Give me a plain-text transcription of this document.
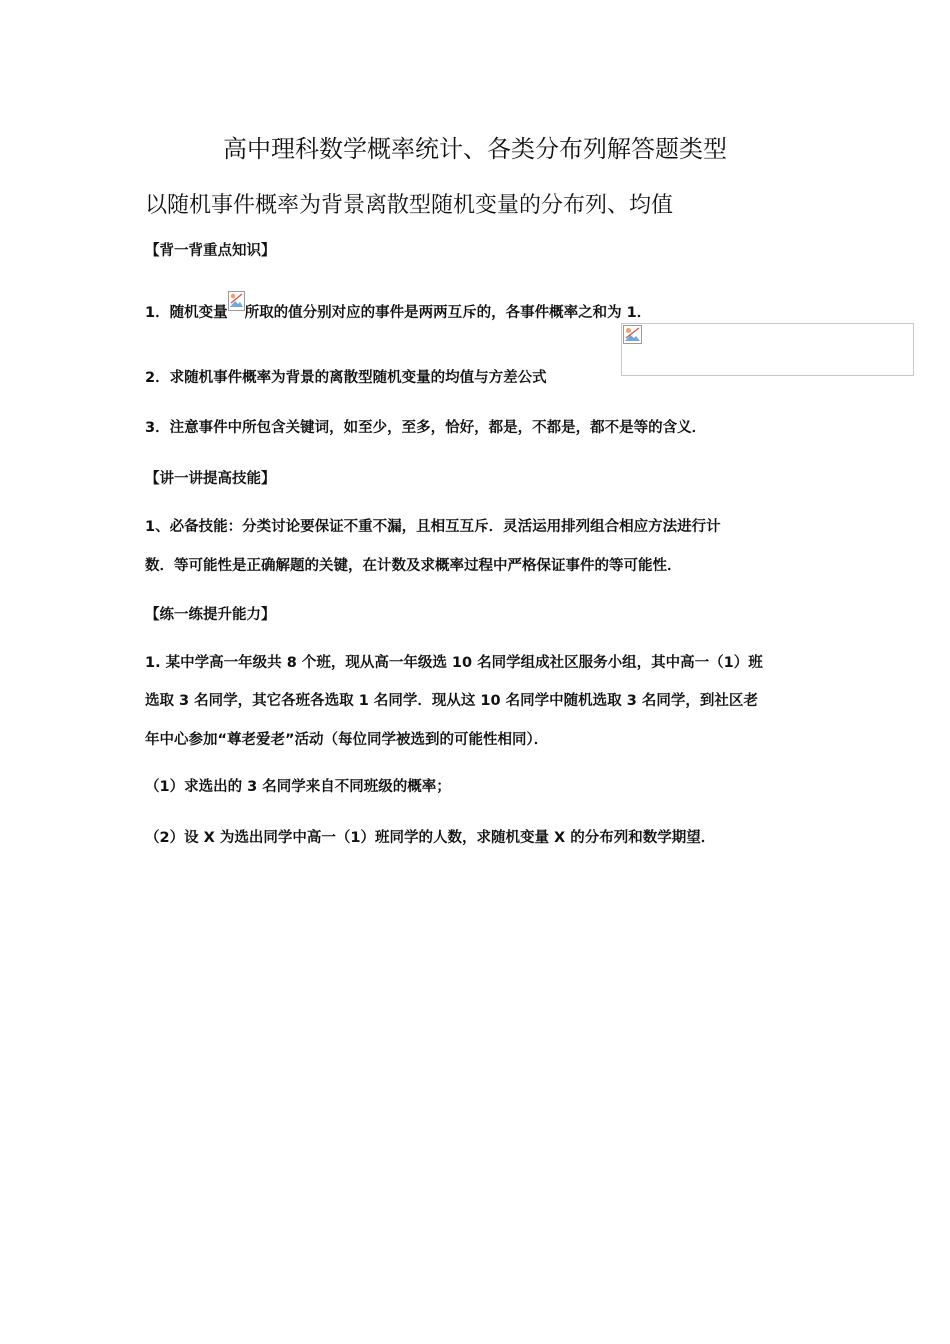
高中理科数学概率统计、各类分布列解答题类型
以随机事件概率为背景离散型随机变量的分布列、均值
【背一背重点知识】
1．随机变量 所取的值分别对应的事件是两两互斥的，各事件概率之和为 1．
2．求随机事件概率为背景的离散型随机变量的均值与方差公式
3．注意事件中所包含关键词，如至少，至多，恰好，都是，不都是，都不是等的含义．
【讲一讲提高技能】
1、必备技能：分类讨论要保证不重不漏，且相互互斥．灵活运用排列组合相应方法进行计
数．等可能性是正确解题的关键，在计数及求概率过程中严格保证事件的等可能性．
【练一练提升能力】
1. 某中学高一年级共 8 个班，现从高一年级选 10 名同学组成社区服务小组，其中高一（1）班
选取 3 名同学，其它各班各选取 1 名同学．现从这 10 名同学中随机选取 3 名同学，到社区老
年中心参加“尊老爱老”活动（每位同学被选到的可能性相同）．
（1）求选出的 3 名同学来自不同班级的概率；
（2）设 X 为选出同学中高一（1）班同学的人数，求随机变量 X 的分布列和数学期望．
